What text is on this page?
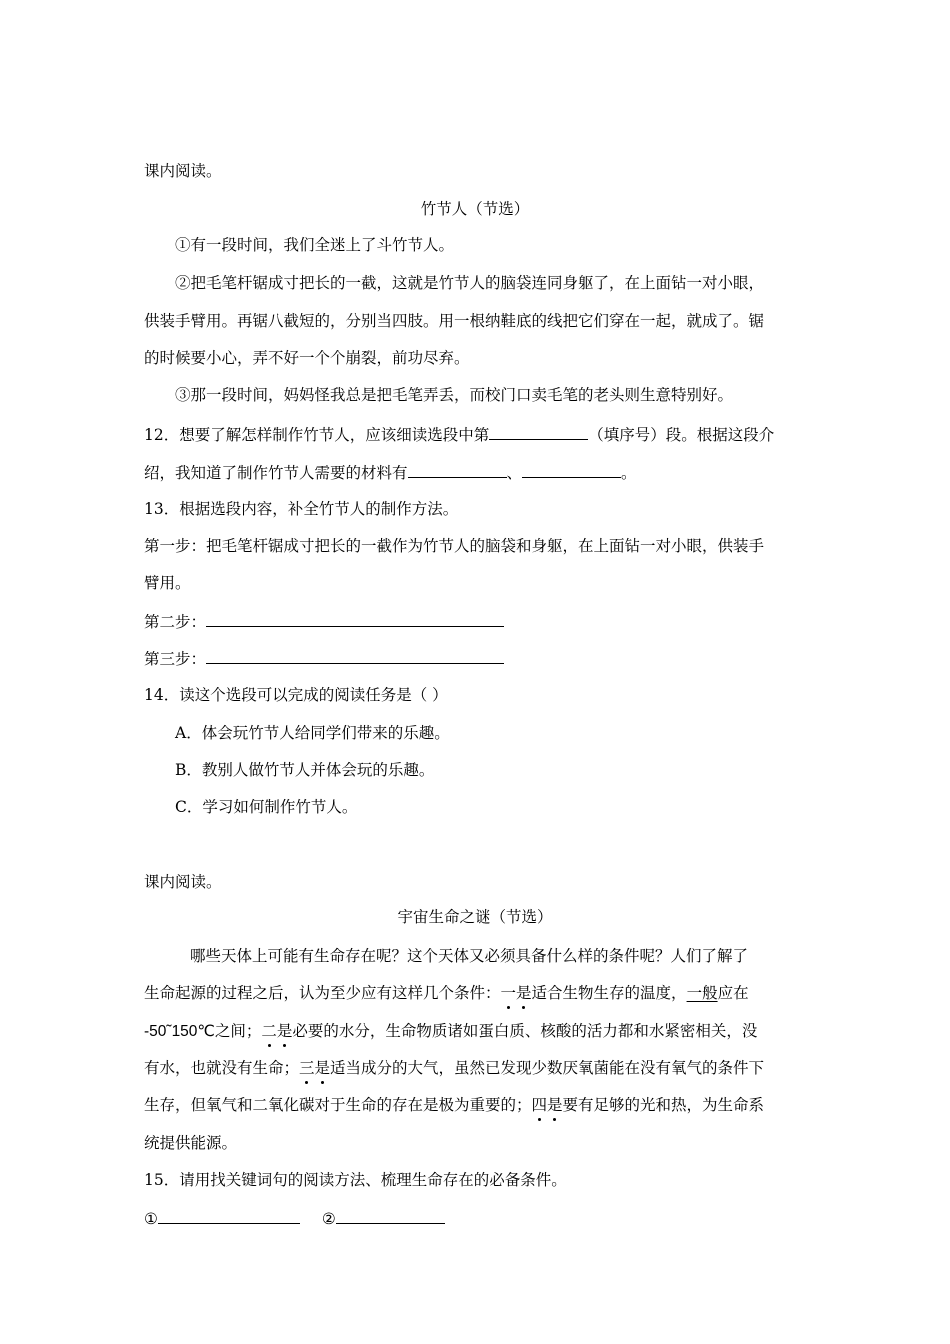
课内阅读。
竹节人（节选）
①有一段时间，我们全迷上了斗竹节人。
②把毛笔杆锯成寸把长的一截，这就是竹节人的脑袋连同身躯了，在上面钻一对小眼，
供装手臂用。再锯八截短的，分别当四肢。用一根纳鞋底的线把它们穿在一起，就成了。锯
的时候要小心，弄不好一个个崩裂，前功尽弃。
③那一段时间，妈妈怪我总是把毛笔弄丢，而校门口卖毛笔的老头则生意特别好。
12．想要了解怎样制作竹节人，应该细读选段中第	（填序号）段。根据这段介
绍，我知道了制作竹节人需要的材料有	、	。
13．根据选段内容，补全竹节人的制作方法。
第一步：把毛笔杆锯成寸把长的一截作为竹节人的脑袋和身躯，在上面钻一对小眼，供装手
臂用。
第二步：
第三步：
14．读这个选段可以完成的阅读任务是（ ）
A．体会玩竹节人给同学们带来的乐趣。
B．教别人做竹节人并体会玩的乐趣。
C．学习如何制作竹节人。
课内阅读。
宇宙生命之谜（节选）
哪些天体上可能有生命存在呢？这个天体又必须具备什么样的条件呢？人们了解了
生命起源的过程之后，认为至少应有这样几个条件：一是适合生物生存的温度，一般应在
-50˜150℃之间；二是必要的水分，生命物质诸如蛋白质、核酸的活力都和水紧密相关，没
有水，也就没有生命；三是适当成分的大气，虽然已发现少数厌氧菌能在没有氧气的条件下
生存，但氧气和二氧化碳对于生命的存在是极为重要的；四是要有足够的光和热，为生命系
统提供能源。
15．请用找关键词句的阅读方法、梳理生命存在的必备条件。
①	②
